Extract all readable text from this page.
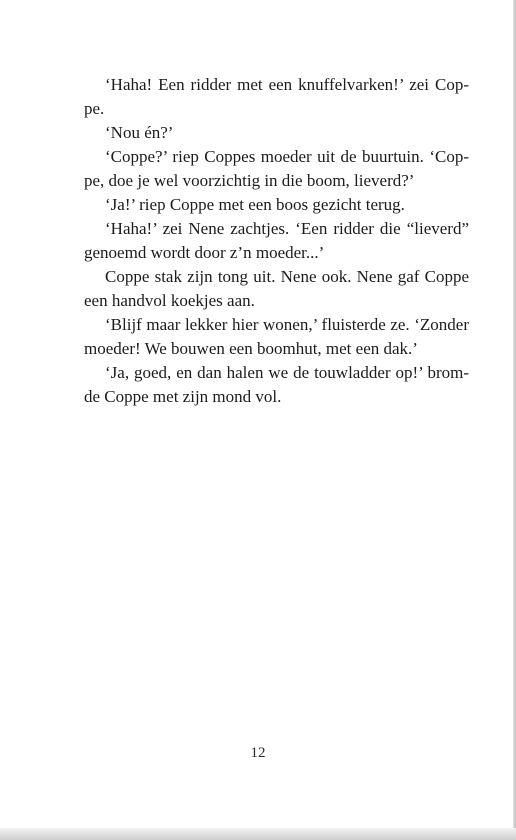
‘Haha! Een ridder met een knuffelvarken!’ zei Cop-
pe.

‘Nou én?’

‘Coppe?’ riep Coppes moeder uit de buurtuin. ‘Cop-
pe, doe je wel voorzichtig in die boom, lieverd?’

‘Ja!’ riep Coppe met een boos gezicht terug.

‘Haha!’ zei Nene zachtjes. ‘Een ridder die “lieverd”
genoemd wordt door z’n moeder...’

Coppe stak zijn tong uit. Nene ook. Nene gaf Coppe
een handvol koekjes aan.

‘Blijf maar lekker hier wonen,’ fluisterde ze. ‘Zonder
moeder! We bouwen een boomhut, met een dak.’

‘Ja, goed, en dan halen we de touwladder op!’ brom-
de Coppe met zijn mond vol.

12
